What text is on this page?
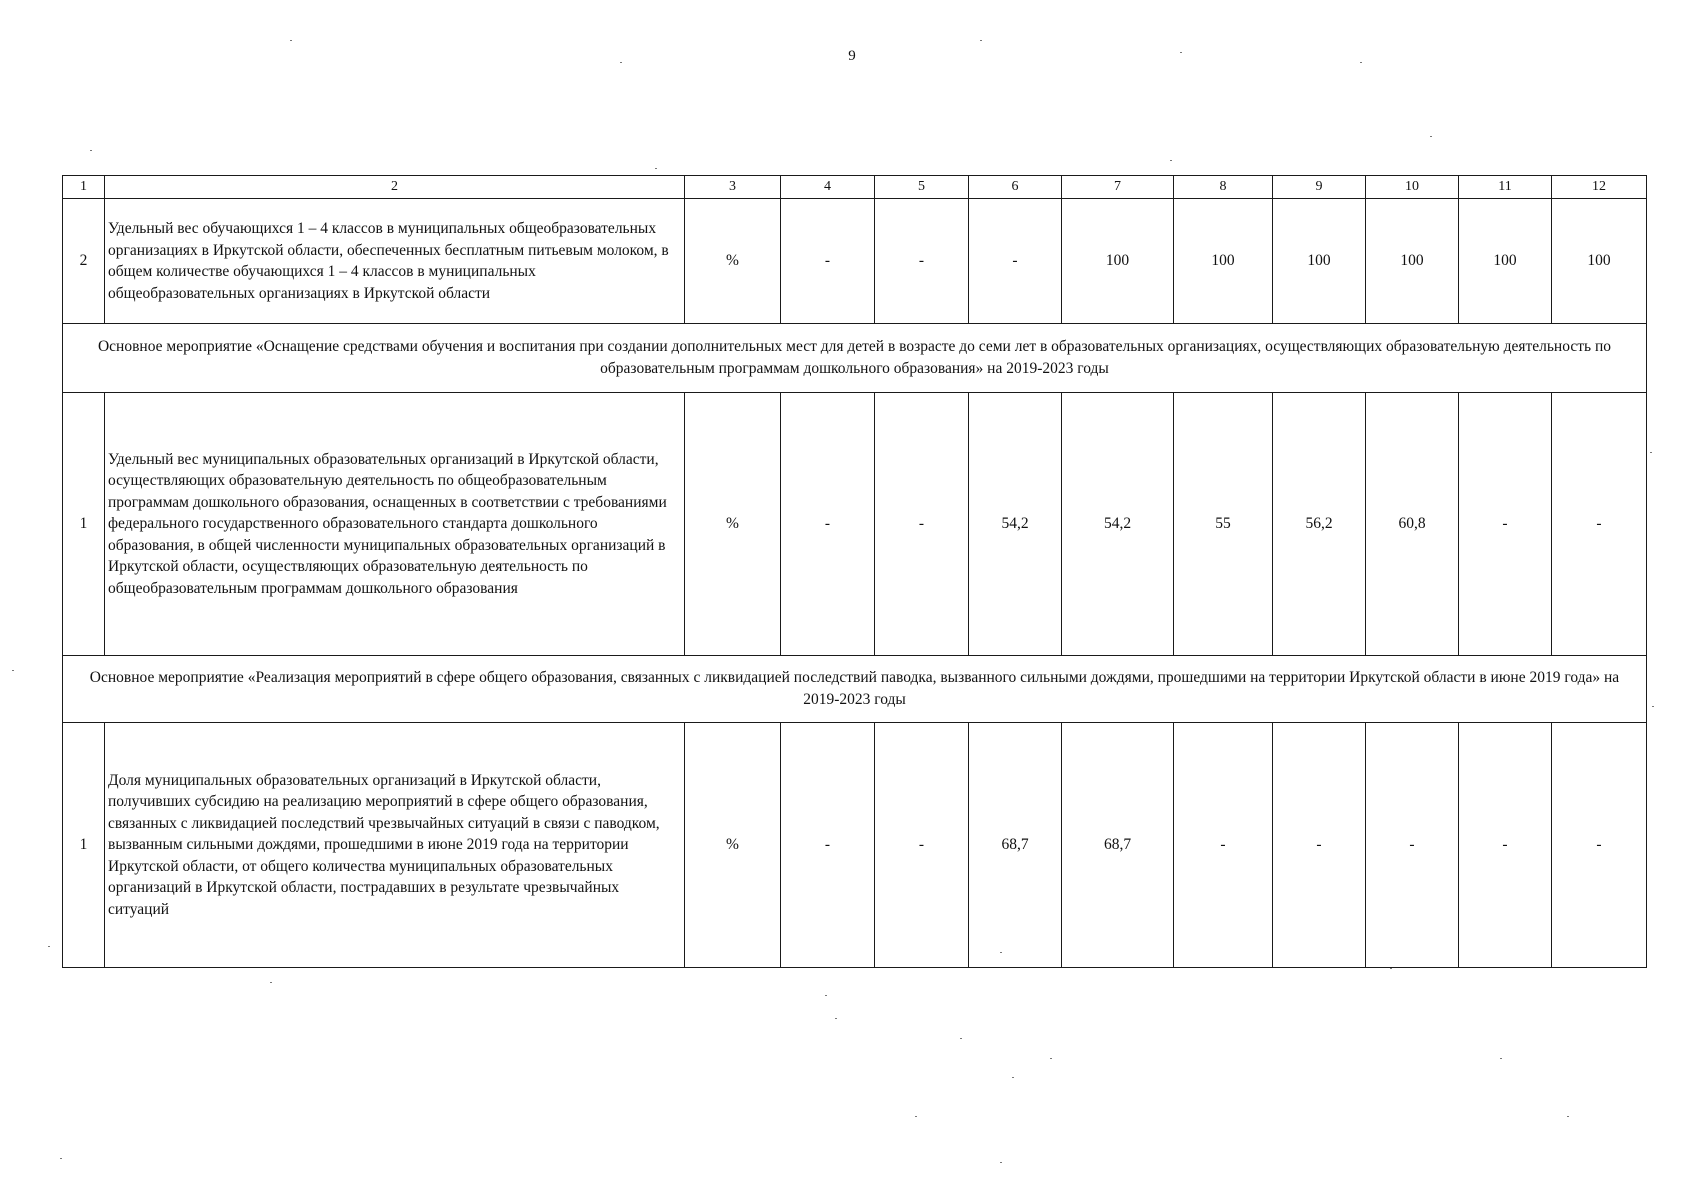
9
1	2	3	4	5	6	7	8	9	10	11	12
2	Удельный вес обучающихся 1 – 4 классов в муниципальных общеобразовательных организациях в Иркутской области, обеспеченных бесплатным питьевым молоком, в общем количестве обучающихся 1 – 4 классов в муниципальных общеобразовательных организациях в Иркутской области	%	-	-	-	100	100	100	100	100	100
Основное мероприятие «Оснащение средствами обучения и воспитания при создании дополнительных мест для детей в возрасте до семи лет в образовательных организациях, осуществляющих образовательную деятельность по образовательным программам дошкольного образования» на 2019-2023 годы											
1	Удельный вес муниципальных образовательных организаций в Иркутской области, осуществляющих образовательную деятельность по общеобразовательным программам дошкольного образования, оснащенных в соответствии с требованиями федерального государственного образовательного стандарта дошкольного образования, в общей численности муниципальных образовательных организаций в Иркутской области, осуществляющих образовательную деятельность по общеобразовательным программам дошкольного образования	%	-	-	54,2	54,2	55	56,2	60,8	-	-
Основное мероприятие «Реализация мероприятий в сфере общего образования, связанных с ликвидацией последствий паводка, вызванного сильными дождями, прошедшими на территории Иркутской области в июне 2019 года» на 2019-2023 годы											
1	Доля муниципальных образовательных организаций в Иркутской области, получивших субсидию на реализацию мероприятий в сфере общего образования, связанных с ликвидацией последствий чрезвычайных ситуаций в связи с паводком, вызванным сильными дождями, прошедшими в июне 2019 года на территории Иркутской области, от общего количества муниципальных образовательных организаций в Иркутской области, пострадавших в результате чрезвычайных ситуаций	%	-	-	68,7	68,7	-	-	-	-	-
